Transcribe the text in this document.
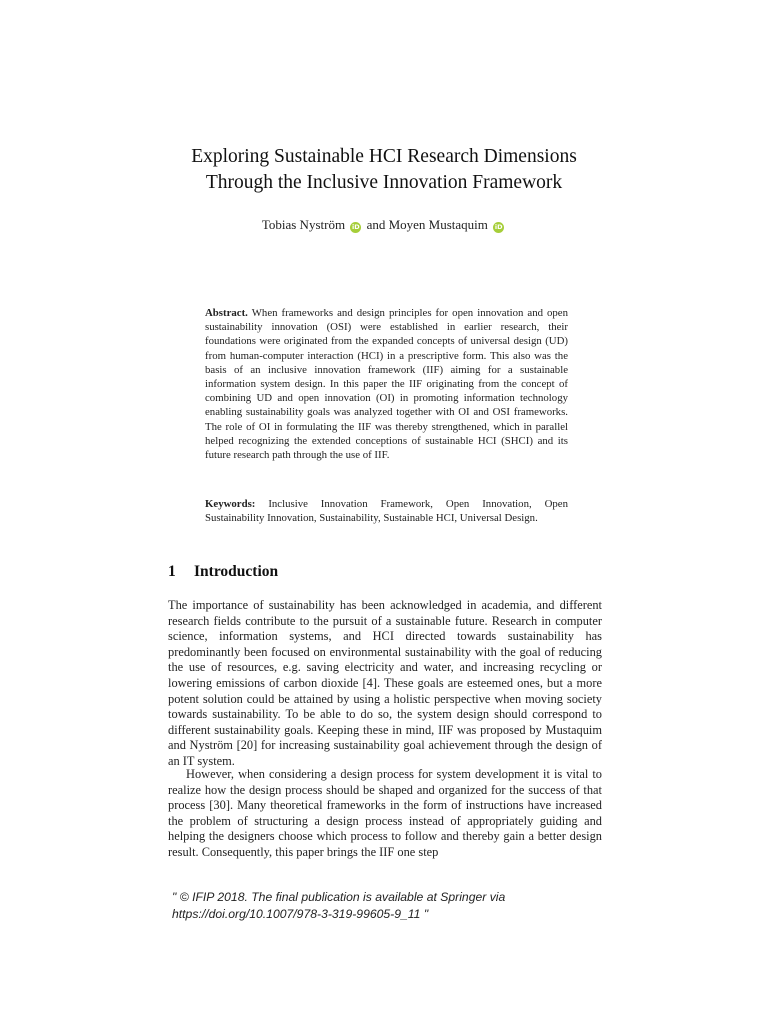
Exploring Sustainable HCI Research Dimensions
Through the Inclusive Innovation Framework
Tobias Nyström iD and Moyen Mustaquim iD
Abstract. When frameworks and design principles for open innovation and open sustainability innovation (OSI) were established in earlier research, their foundations were originated from the expanded concepts of universal design (UD) from human-computer interaction (HCI) in a prescriptive form. This also was the basis of an inclusive innovation framework (IIF) aiming for a sustainable information system design. In this paper the IIF originating from the concept of combining UD and open innovation (OI) in promoting information technology enabling sustainability goals was analyzed together with OI and OSI frameworks. The role of OI in formulating the IIF was thereby strengthened, which in parallel helped recognizing the extended conceptions of sustainable HCI (SHCI) and its future research path through the use of IIF.
Keywords: Inclusive Innovation Framework, Open Innovation, Open Sustainability Innovation, Sustainability, Sustainable HCI, Universal Design.
1 Introduction

The importance of sustainability has been acknowledged in academia, and different research fields contribute to the pursuit of a sustainable future. Research in computer science, information systems, and HCI directed towards sustainability has predominantly been focused on environmental sustainability with the goal of reducing the use of resources, e.g. saving electricity and water, and increasing recycling or lowering emissions of carbon dioxide [4]. These goals are esteemed ones, but a more potent solution could be attained by using a holistic perspective when moving society towards sustainability. To be able to do so, the system design should correspond to different sustainability goals. Keeping these in mind, IIF was proposed by Mustaquim and Nyström [20] for increasing sustainability goal achievement through the design of an IT system.

However, when considering a design process for system development it is vital to realize how the design process should be shaped and organized for the success of that process [30]. Many theoretical frameworks in the form of instructions have increased the problem of structuring a design process instead of appropriately guiding and helping the designers choose which process to follow and thereby gain a better design result. Consequently, this paper brings the IIF one step

" © IFIP 2018. The final publication is available at Springer via
https://doi.org/10.1007/978-3-319-99605-9_11 "
